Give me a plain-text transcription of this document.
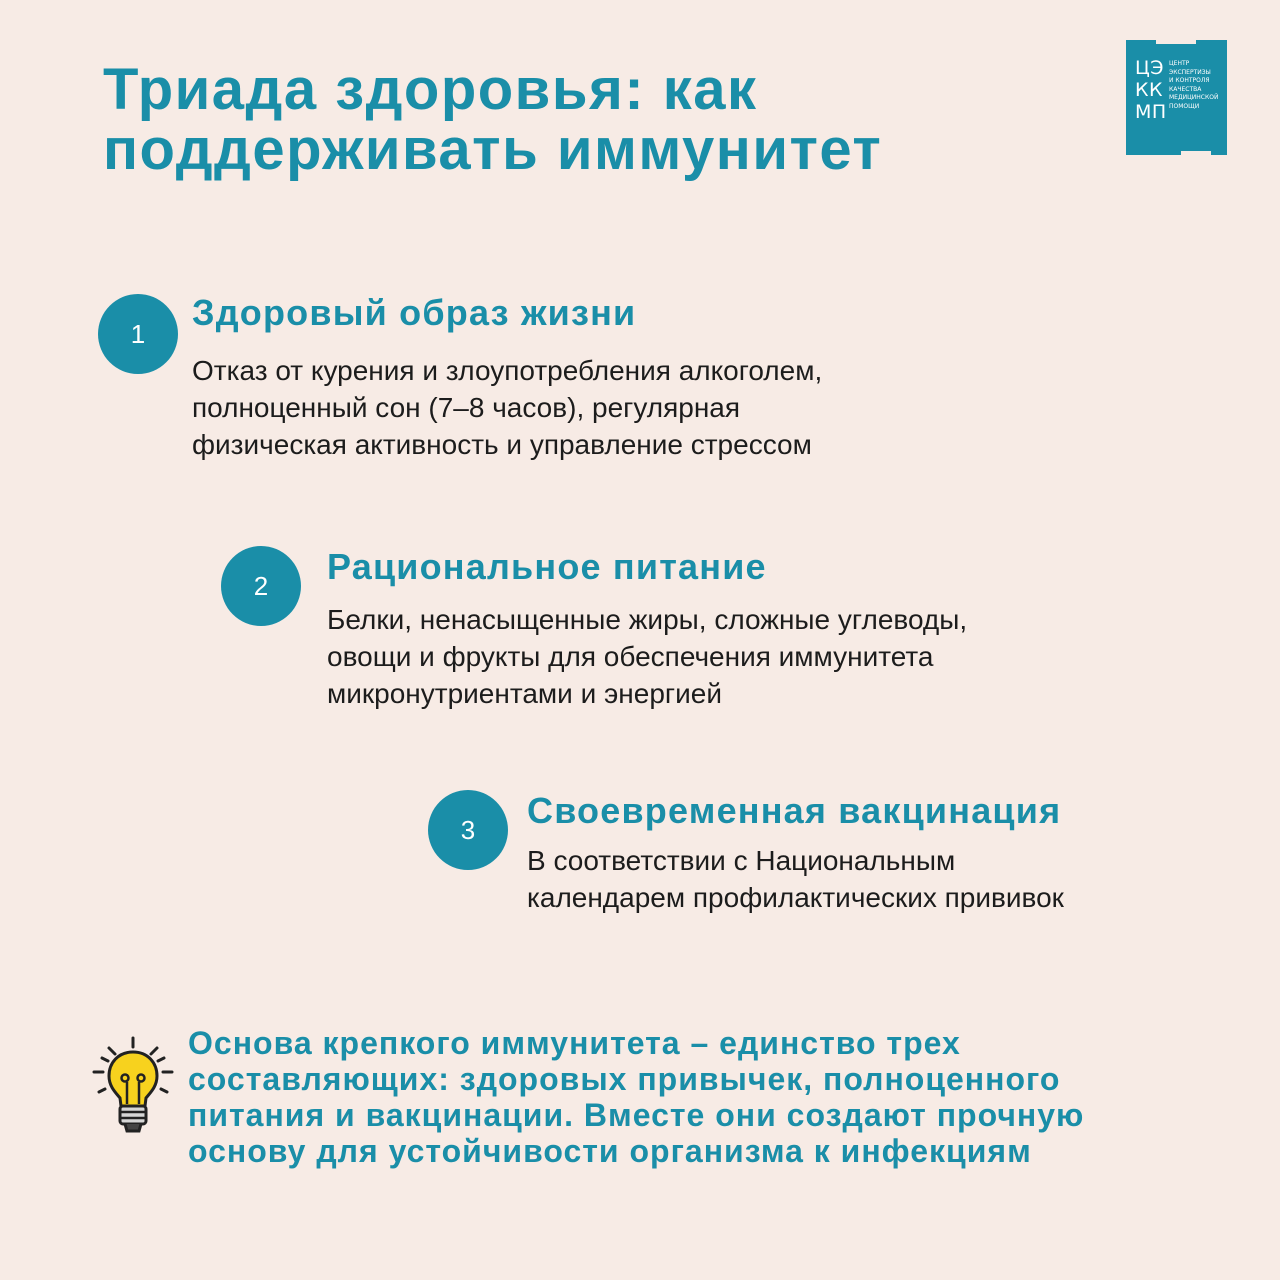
Триада здоровья: как
поддерживать иммунитет
ЦЭ
КК
МП
ЦЕНТР
ЭКСПЕРТИЗЫ
И КОНТРОЛЯ
КАЧЕСТВА
МЕДИЦИНСКОЙ
ПОМОЩИ
1
Здоровый образ жизни
Отказ от курения и злоупотребления алкоголем,
полноценный сон (7–8 часов), регулярная
физическая активность и управление стрессом
2	Рациональное питание
Белки, ненасыщенные жиры, сложные углеводы,
овощи и фрукты для обеспечения иммунитета
микронутриентами и энергией
3	Своевременная вакцинация
В соответствии с Национальным
календарем профилактических прививок

Основа крепкого иммунитета – единство трех
составляющих: здоровых привычек, полноценного
питания и вакцинации. Вместе они создают прочную
основу для устойчивости организма к инфекциям
